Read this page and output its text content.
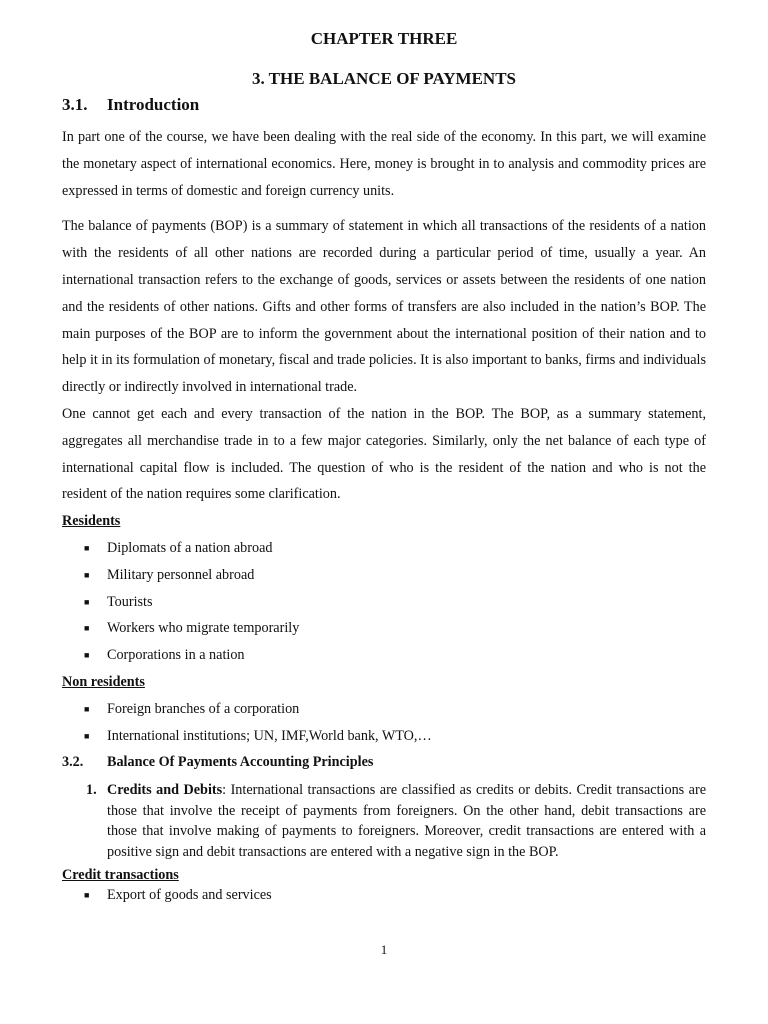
CHAPTER THREE
3. THE BALANCE OF PAYMENTS
3.1. Introduction

In part one of the course, we have been dealing with the real side of the economy. In this part, we will examine the monetary aspect of international economics. Here, money is brought in to analysis and commodity prices are expressed in terms of domestic and foreign currency units.

The balance of payments (BOP) is a summary of statement in which all transactions of the residents of a nation with the residents of all other nations are recorded during a particular period of time, usually a year. An international transaction refers to the exchange of goods, services or assets between the residents of one nation and the residents of other nations. Gifts and other forms of transfers are also included in the nation’s BOP. The main purposes of the BOP are to inform the government about the international position of their nation and to help it in its formulation of monetary, fiscal and trade policies. It is also important to banks, firms and individuals directly or indirectly involved in international trade.

One cannot get each and every transaction of the nation in the BOP. The BOP, as a summary statement, aggregates all merchandise trade in to a few major categories. Similarly, only the net balance of each type of international capital flow is included. The question of who is the resident of the nation and who is not the resident of the nation requires some clarification.

Residents
■ Diplomats of a nation abroad
■ Military personnel abroad
■ Tourists
■ Workers who migrate temporarily
■ Corporations in a nation
Non residents
■ Foreign branches of a corporation
■ International institutions; UN, IMF,World bank, WTO,…
3.2. Balance Of Payments Accounting Principles
1. Credits and Debits: International transactions are classified as credits or debits. Credit transactions are those that involve the receipt of payments from foreigners. On the other hand, debit transactions are those that involve making of payments to foreigners. Moreover, credit transactions are entered with a positive sign and debit transactions are entered with a negative sign in the BOP.
Credit transactions
■ Export of goods and services
1
